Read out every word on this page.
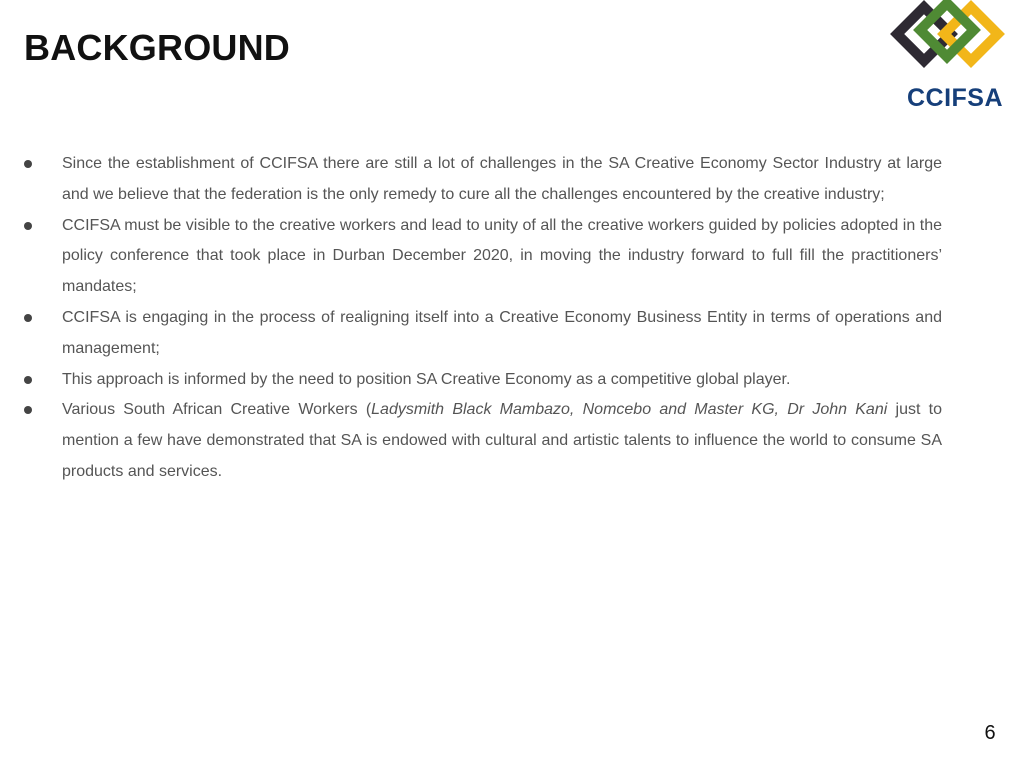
BACKGROUND
CCIFSA
Since the establishment of CCIFSA there are still a lot of challenges in the SA Creative Economy Sector Industry at large and we believe that the federation is the only remedy to cure all the challenges encountered by the creative industry;
CCIFSA must be visible to the creative workers and lead to unity of all the creative workers guided by policies adopted in the policy conference that took place in Durban December 2020, in moving the industry forward to full fill the practitioners’ mandates;
CCIFSA is engaging in the process of realigning itself into a Creative Economy Business Entity in terms of operations and management;
This approach is informed by the need to position SA Creative Economy as a competitive global player.
Various South African Creative Workers (Ladysmith Black Mambazo, Nomcebo and Master KG, Dr John Kani just to mention a few have demonstrated that SA is endowed with cultural and artistic talents to influence the world to consume SA products and services.
6
